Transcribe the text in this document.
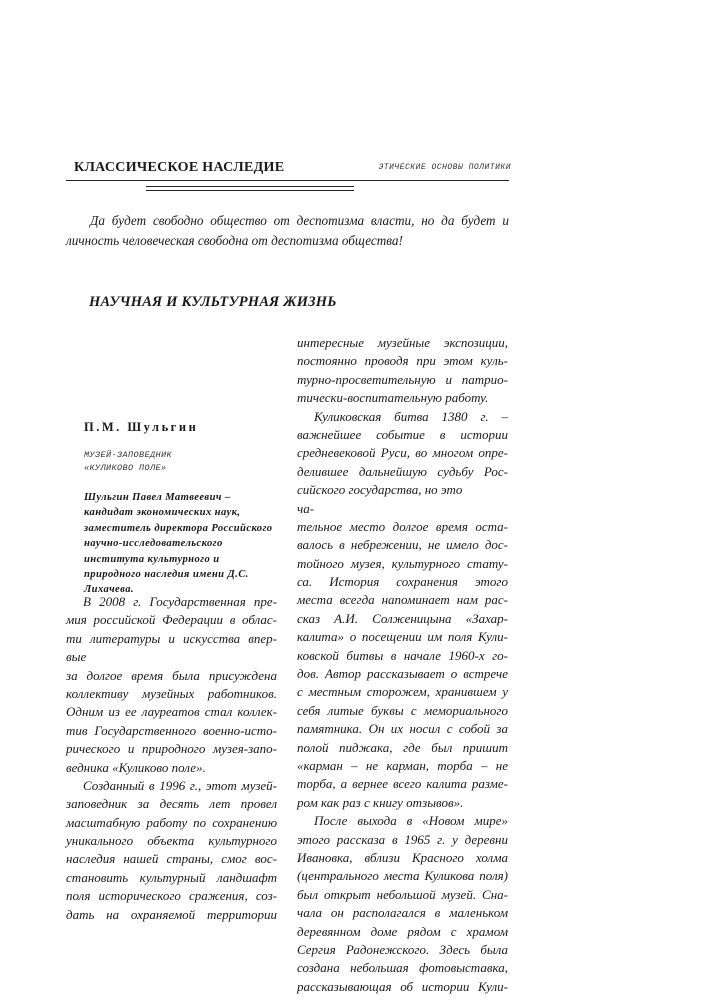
КЛАССИЧЕСКОЕ НАСЛЕДИЕ	ЭТИЧЕСКИЕ ОСНОВЫ ПОЛИТИКИ
Да будет свободно общество от деспотизма власти, но да будет и личность человеческая свободна от деспотизма общества!
НАУЧНАЯ И КУЛЬТУРНАЯ ЖИЗНЬ
П.М. Шульгин
МУЗЕЙ-ЗАПОВЕДНИК
«КУЛИКОВО ПОЛЕ»
Шульгин Павел Матвеевич – кандидат экономических наук, заместитель директора Российского научно-исследовательского института культурного и природного наследия имени Д.С. Лихачева.
В 2008 г. Государственная пре-
мия российской Федерации в облас-
ти литературы и искусства впер-
вые
за долгое время была присуждена
коллективу музейных работников.
Одним из ее лауреатов стал коллек-
тив Государственного военно-исто-
рического и природного музея-запо-
ведника «Куликово поле».
Созданный в 1996 г., этот музей-
заповедник за десять лет провел
масштабную работу по сохранению
уникального объекта культурного
наследия нашей страны, смог вос-
становить культурный ландшафт
поля исторического сражения, соз-
дать на охраняемой территории
интересные музейные экспозиции,
постоянно проводя при этом куль-
турно-просветительную и патрио-
тически-воспитательную работу.
Куликовская битва 1380 г. –
важнейшее событие в истории
средневековой Руси, во многом опре-
делившее дальнейшую судьбу Рос-
сийского государства, но это
ча-
тельное место долгое время оста-
валось в небрежении, не имело дос-
тойного музея, культурного стату-
са. История сохранения этого
места всегда напоминает нам рас-
сказ А.И. Солженицына «Захар-
калита» о посещении им поля Кули-
ковской битвы в начале 1960-х го-
дов. Автор рассказывает о встрече
с местным сторожем, хранившем у
себя литые буквы с мемориального
памятника. Он их носил с собой за
полой пиджака, где был пришит
«карман – не карман, торба – не
торба, а вернее всего калита разме-
ром как раз с книгу отзывов».
После выхода в «Новом мире»
этого рассказа в 1965 г. у деревни
Ивановка, вблизи Красного холма
(центрального места Куликова поля)
был открыт небольшой музей. Сна-
чала он располагался в маленьком
деревянном доме рядом с храмом
Сергия Радонежского. Здесь была
создана небольшая фотовыставка,
рассказывающая об истории Кули-
